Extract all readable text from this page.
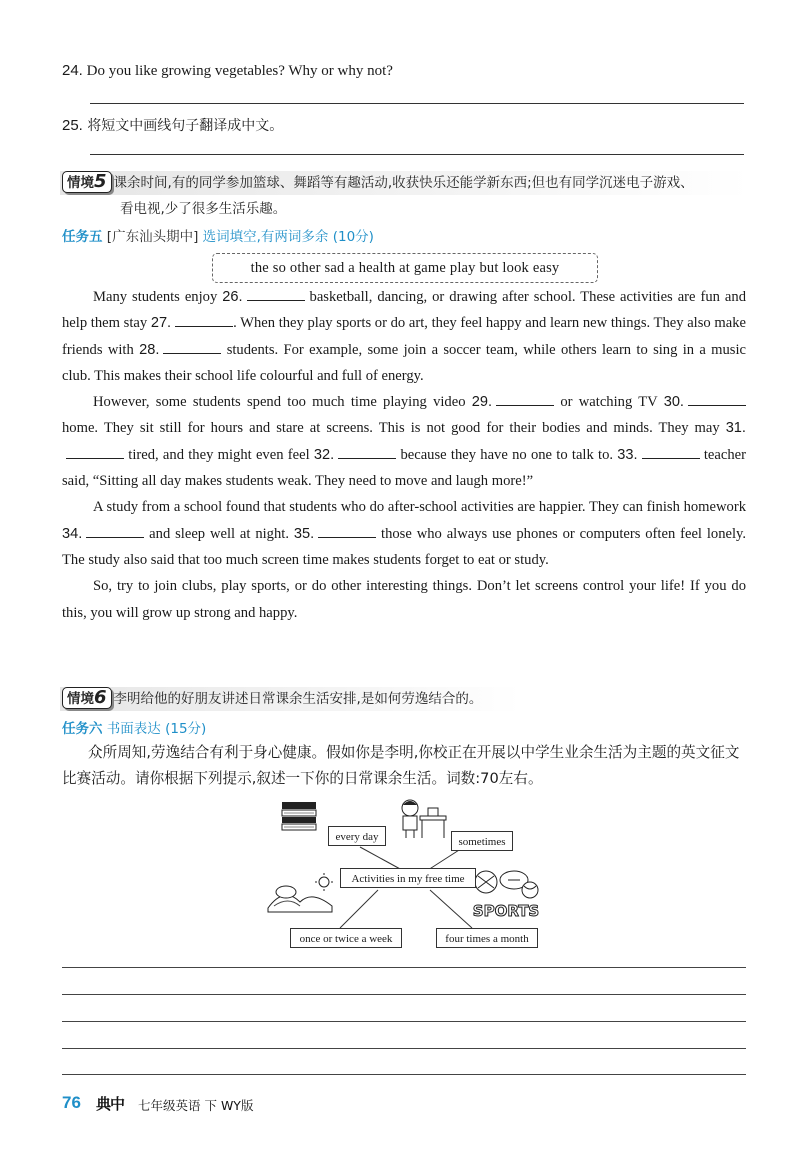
24. Do you like growing vegetables? Why or why not?
25. 将短文中画线句子翻译成中文。
情境5 课余时间,有的同学参加篮球、舞蹈等有趣活动,收获快乐还能学新东西;但也有同学沉迷电子游戏、
看电视,少了很多生活乐趣。
任务五 [广东汕头期中] 选词填空,有两词多余 (10分)
the so other sad a health at game play but look easy

Many students enjoy 26.	basketball, dancing, or drawing after school. These activities are fun and help them stay 27.	. When they play sports or do art, they feel happy and learn new things. They also make friends with 28.	students. For example, some join a soccer team, while others learn to sing in a music club. This makes their school life colourful and full of energy.

However, some students spend too much time playing video 29.	or watching TV 30. home. They sit still for hours and stare at screens. This is not good for their bodies and minds. They may 31. tired, and they might even feel 32.	because they have no one to talk to. 33.	teacher said, “Sitting all day makes students weak. They need to move and laugh more!”

A study from a school found that students who do after-school activities are happier. They can finish homework 34.	and sleep well at night. 35.	those who always use phones or computers often feel lonely. The study also said that too much screen time makes students forget to eat or study.

So, try to join clubs, play sports, or do other interesting things. Don’t let screens control your life! If you do this, you will grow up strong and happy.

情境6 李明给他的好朋友讲述日常课余生活安排,是如何劳逸结合的。
任务六 书面表达 (15分)

众所周知,劳逸结合有利于身心健康。假如你是李明,你校正在开展以中学生业余生活为主题的英文征文比赛活动。请你根据下列提示,叙述一下你的日常课余生活。词数:70左右。

SPORTS
every day	sometimes
Activities in my free time
once or twice a week	four times a month
76 典中 七年级英语 下 WY版
